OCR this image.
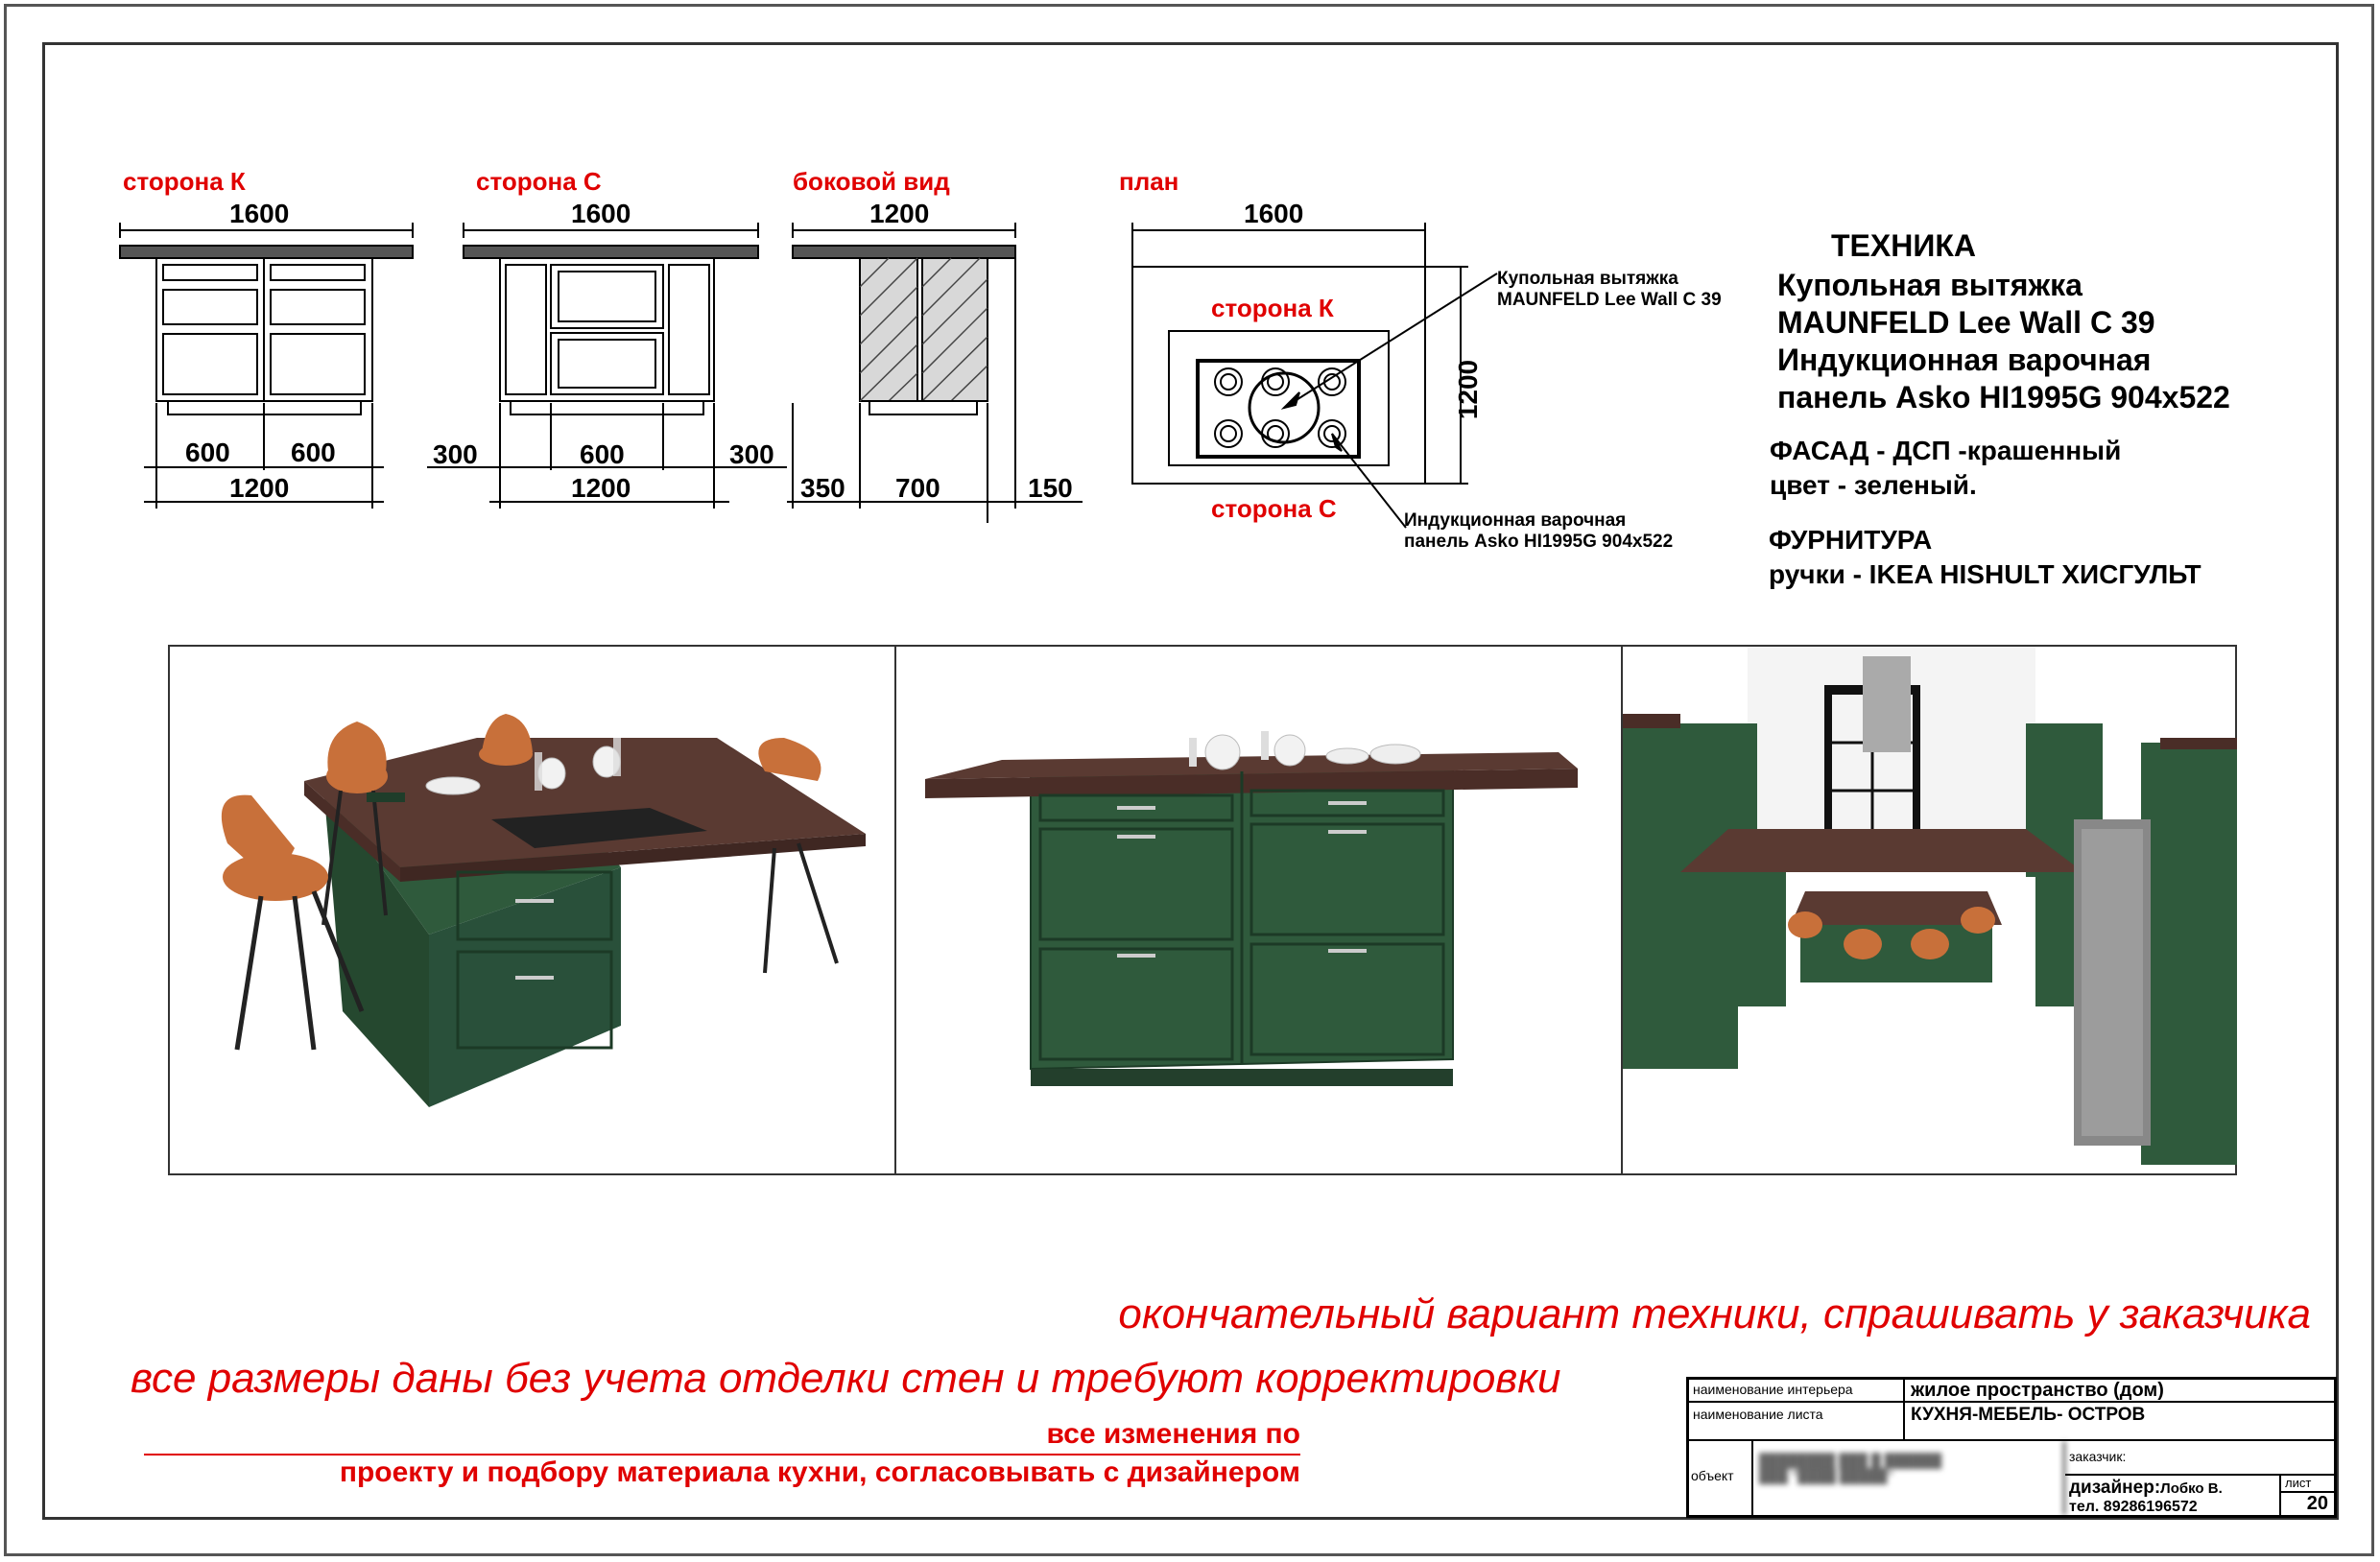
сторона К	сторона С	боковой вид	план
1600
600 600
1200
1600
300	600	300
1200
1200
350 700	150
1600
1200
сторона К
сторона С
Купольная вытяжка
MAUNFELD Lee Wall C 39
Индукционная варочная
панель Asko HI1995G 904x522
ТЕХНИКА
Купольная вытяжка
MAUNFELD Lee Wall C 39
Индукционная варочная
панель Asko HI1995G 904x522
ФАСАД - ДСП -крашенный
цвет - зеленый.
ФУРНИТУРА
ручки - IKEA HISHULT ХИСГУЛЬТ
окончательный вариант техники, спрашивать у заказчика
все размеры даны без учета отделки стен и требуют корректировки
все изменения по
проекту и подбору материала кухни, согласовывать с дизайнером
наименование интерьера	жилое пространство (дом)
наименование листа	КУХНЯ-МЕБЕЛЬ- ОСТРОВ
объект
████████ ███ █ ██████
███ "████ █████"
заказчик:
дизайнер:Лобко В.
тел. 89286196572
лист
20
